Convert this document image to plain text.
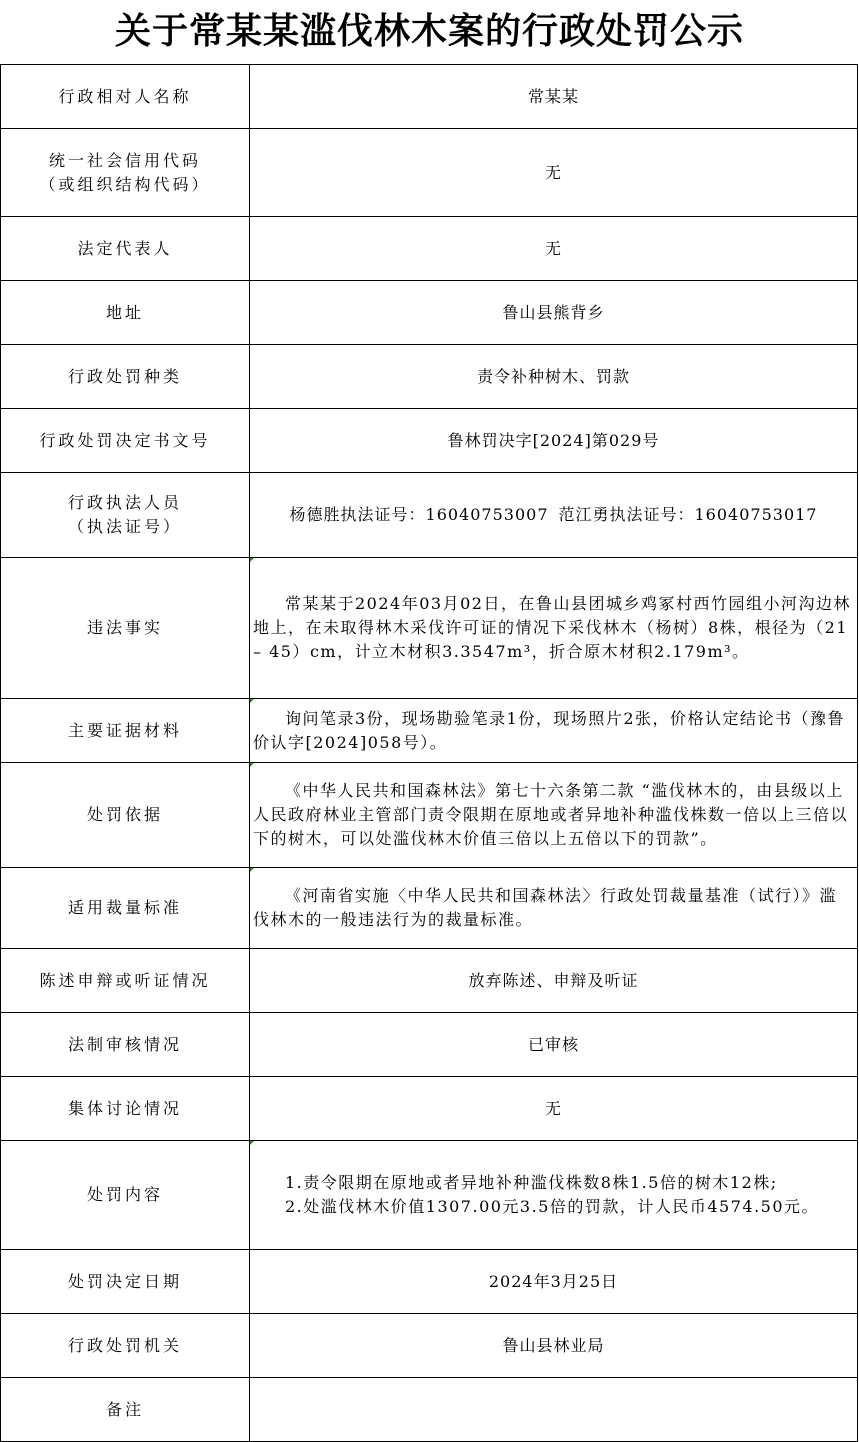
关于常某某滥伐林木案的行政处罚公示
行政相对人名称	常某某

统一社会信用代码
（或组织结构代码）	无
法定代表人	无
地址	鲁山县熊背乡
行政处罚种类	责令补种树木、罚款
行政处罚决定书文号	鲁林罚决字[2024]第029号

行政执法人员
（执法证号）	杨德胜执法证号：16040753007 范江勇执法证号：16040753017
违法事实	常某某于2024年03月02日，在鲁山县团城乡鸡冢村西竹园组小河沟边林地上，在未取得林木采伐许可证的情况下采伐林木（杨树）8株，根径为（21 – 45）cm，计立木材积3.3547m³，折合原木材积2.179m³。

主要证据材料	询问笔录3份，现场勘验笔录1份，现场照片2张，价格认定结论书（豫鲁价认字[2024]058号）。

处罚依据	《中华人民共和国森林法》第七十六条第二款 “滥伐林木的，由县级以上人民政府林业主管部门责令限期在原地或者异地补种滥伐株数一倍以上三倍以下的树木，可以处滥伐林木价值三倍以上五倍以下的罚款”。

适用裁量标准	《河南省实施〈中华人民共和国森林法〉行政处罚裁量基准（试行）》滥伐林木的一般违法行为的裁量标准。

陈述申辩或听证情况	放弃陈述、申辩及听证
法制审核情况	已审核
集体讨论情况	无
处罚内容	1.责令限期在原地或者异地补种滥伐株数8株1.5倍的树木12株;
2.处滥伐林木价值1307.00元3.5倍的罚款，计人民币4574.50元。

处罚决定日期	2024年3月25日
行政处罚机关	鲁山县林业局
备注	
